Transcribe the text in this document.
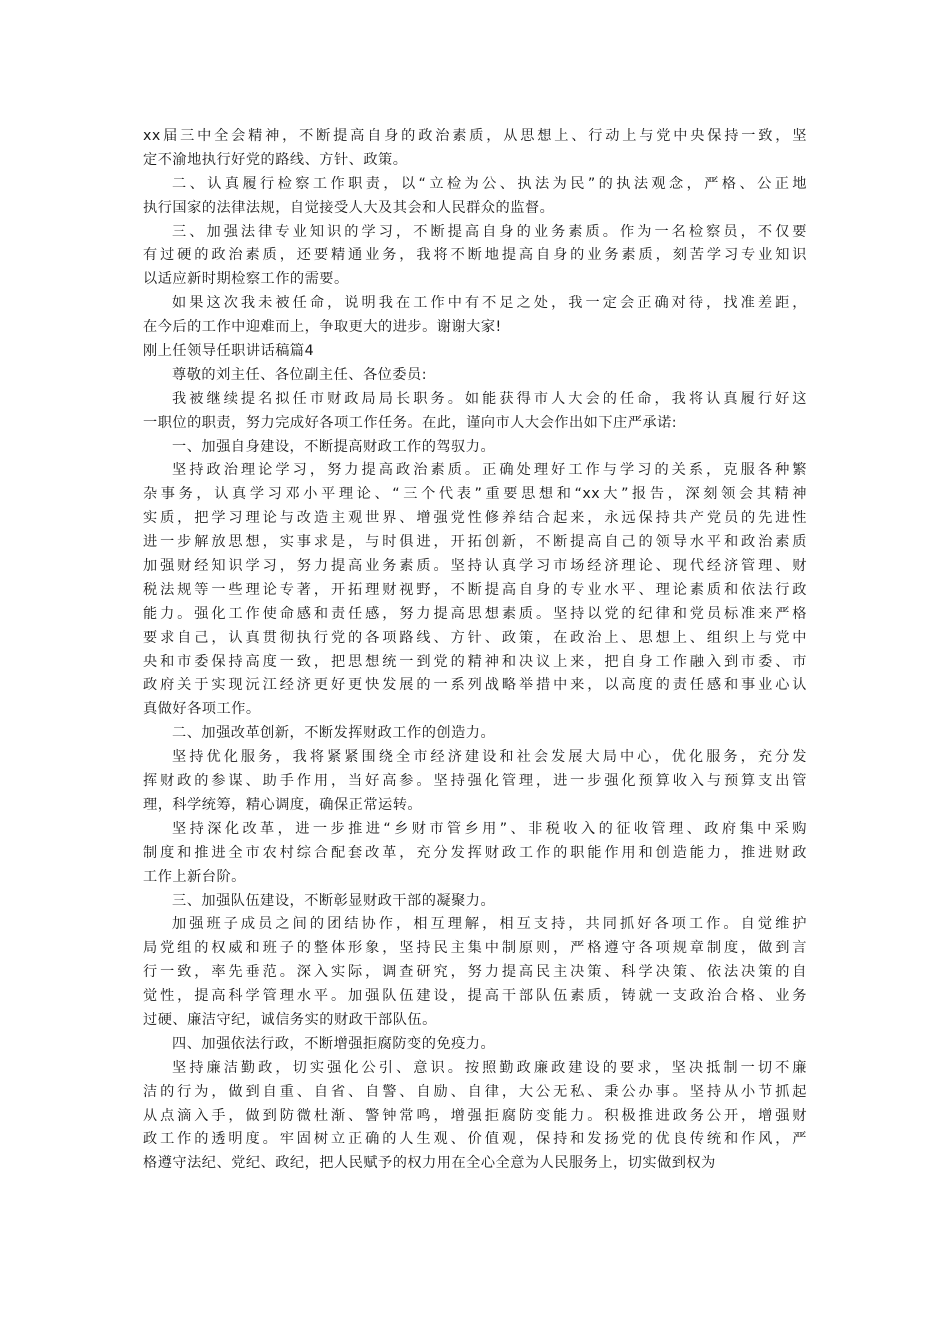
xx届三中全会精神，不断提高自身的政治素质，从思想上、行动上与党中央保持一致，坚
定不渝地执行好党的路线、方针、政策。
二、认真履行检察工作职责，以“立检为公、执法为民”的执法观念，严格、公正地
执行国家的法律法规，自觉接受人大及其会和人民群众的监督。
三、加强法律专业知识的学习，不断提高自身的业务素质。作为一名检察员，不仅要
有过硬的政治素质，还要精通业务，我将不断地提高自身的业务素质，刻苦学习专业知识
以适应新时期检察工作的需要。
如果这次我未被任命，说明我在工作中有不足之处，我一定会正确对待，找准差距，
在今后的工作中迎难而上，争取更大的进步。谢谢大家!
刚上任领导任职讲话稿篇4
尊敬的刘主任、各位副主任、各位委员:
我被继续提名拟任市财政局局长职务。如能获得市人大会的任命，我将认真履行好这
一职位的职责，努力完成好各项工作任务。在此，谨向市人大会作出如下庄严承诺:
一、加强自身建设，不断提高财政工作的驾驭力。
坚持政治理论学习，努力提高政治素质。正确处理好工作与学习的关系，克服各种繁
杂事务，认真学习邓小平理论、“三个代表”重要思想和“xx大”报告，深刻领会其精神
实质，把学习理论与改造主观世界、增强党性修养结合起来，永远保持共产党员的先进性
进一步解放思想，实事求是，与时俱进，开拓创新，不断提高自己的领导水平和政治素质
加强财经知识学习，努力提高业务素质。坚持认真学习市场经济理论、现代经济管理、财
税法规等一些理论专著，开拓理财视野，不断提高自身的专业水平、理论素质和依法行政
能力。强化工作使命感和责任感，努力提高思想素质。坚持以党的纪律和党员标准来严格
要求自己，认真贯彻执行党的各项路线、方针、政策，在政治上、思想上、组织上与党中
央和市委保持高度一致，把思想统一到党的精神和决议上来，把自身工作融入到市委、市
政府关于实现沅江经济更好更快发展的一系列战略举措中来，以高度的责任感和事业心认
真做好各项工作。
二、加强改革创新，不断发挥财政工作的创造力。
坚持优化服务，我将紧紧围绕全市经济建设和社会发展大局中心，优化服务，充分发
挥财政的参谋、助手作用，当好高参。坚持强化管理，进一步强化预算收入与预算支出管
理，科学统筹，精心调度，确保正常运转。
坚持深化改革，进一步推进“乡财市管乡用”、非税收入的征收管理、政府集中采购
制度和推进全市农村综合配套改革，充分发挥财政工作的职能作用和创造能力，推进财政
工作上新台阶。
三、加强队伍建设，不断彰显财政干部的凝聚力。
加强班子成员之间的团结协作，相互理解，相互支持，共同抓好各项工作。自觉维护
局党组的权威和班子的整体形象，坚持民主集中制原则，严格遵守各项规章制度，做到言
行一致，率先垂范。深入实际，调查研究，努力提高民主决策、科学决策、依法决策的自
觉性，提高科学管理水平。加强队伍建设，提高干部队伍素质，铸就一支政治合格、业务
过硬、廉洁守纪，诚信务实的财政干部队伍。
四、加强依法行政，不断增强拒腐防变的免疫力。
坚持廉洁勤政，切实强化公引、意识。按照勤政廉政建设的要求，坚决抵制一切不廉
洁的行为，做到自重、自省、自警、自励、自律，大公无私、秉公办事。坚持从小节抓起
从点滴入手，做到防微杜渐、警钟常鸣，增强拒腐防变能力。积极推进政务公开，增强财
政工作的透明度。牢固树立正确的人生观、价值观，保持和发扬党的优良传统和作风，严
格遵守法纪、党纪、政纪，把人民赋予的权力用在全心全意为人民服务上，切实做到权为
